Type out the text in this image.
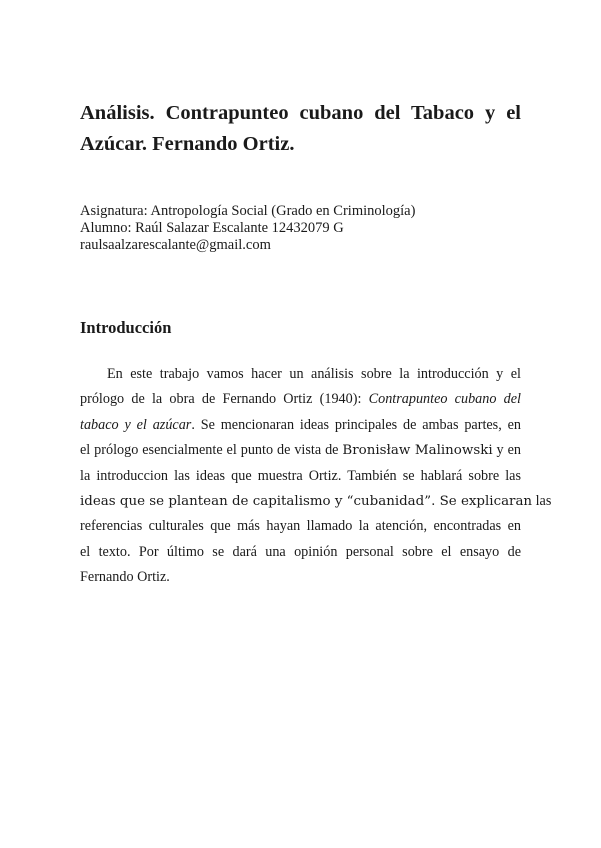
Análisis. Contrapunteo cubano del Tabaco y el
Azúcar. Fernando Ortiz.
Asignatura: Antropología Social (Grado en Criminología)
Alumno: Raúl Salazar Escalante 12432079 G
raulsaalzarescalante@gmail.com
Introducción
En este trabajo vamos hacer un análisis sobre la introducción y el
prólogo de la obra de Fernando Ortiz (1940): Contrapunteo cubano del
tabaco y el azúcar. Se mencionaran ideas principales de ambas partes, en
el prólogo esencialmente el punto de vista de Bronisław Malinowski y en
la introduccion las ideas que muestra Ortiz. También se hablará sobre las
ideas que se plantean de capitalismo y “cubanidad”. Se explicaran las
referencias culturales que más hayan llamado la atención, encontradas en
el texto. Por último se dará una opinión personal sobre el ensayo de
Fernando Ortiz.
